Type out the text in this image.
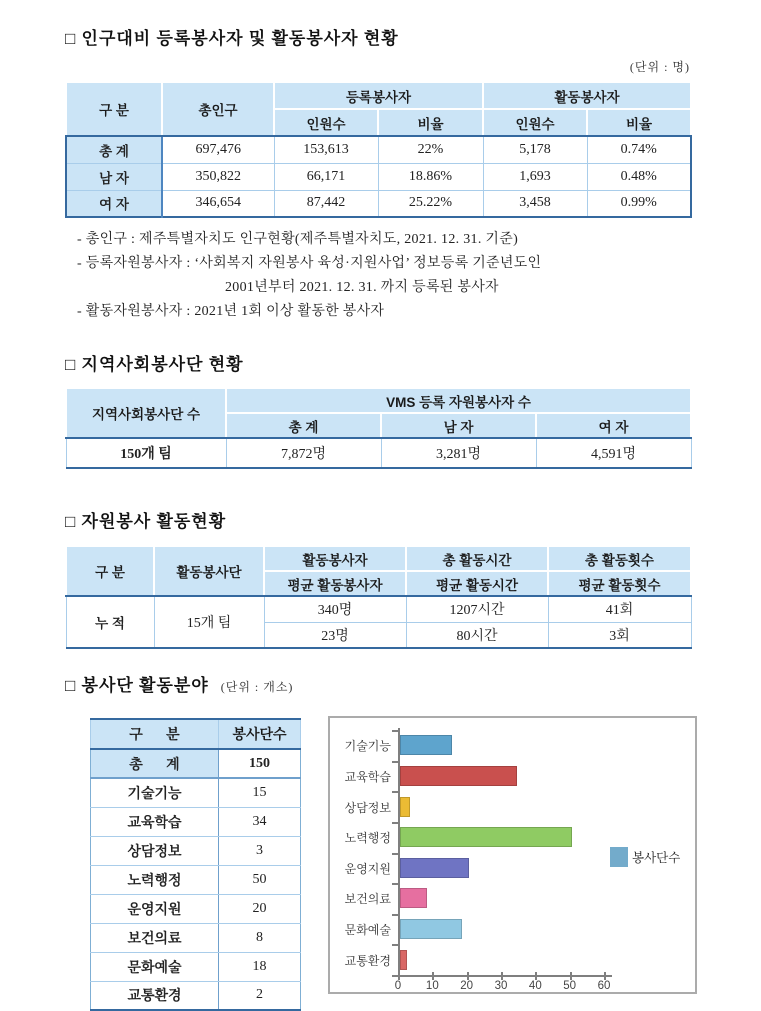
□ 인구대비 등록봉사자 및 활동봉사자 현황
(단위 : 명)
구 분	총인구	등록봉사자		활동봉사자	
		인원수	비율	인원수	비율
총 계	697,476	153,613	22%	5,178	0.74%
남 자	350,822	66,171	18.86%	1,693	0.48%
여 자	346,654	87,442	25.22%	3,458	0.99%
- 총인구 : 제주특별자치도 인구현황(제주특별자치도, 2021. 12. 31. 기준)
- 등록자원봉사자 : ‘사회복지 자원봉사 육성·지원사업’ 정보등록 기준년도인
2001년부터 2021. 12. 31. 까지 등록된 봉사자
- 활동자원봉사자 : 2021년 1회 이상 활동한 봉사자
□ 지역사회봉사단 현황
지역사회봉사단 수	VMS 등록 자원봉사자 수		
	총 계	남 자	여 자
150개 팀	7,872명	3,281명	4,591명
□ 자원봉사 활동현황
구 분	활동봉사단	활동봉사자	총 활동시간	총 활동횟수
		평균 활동봉사자	평균 활동시간	평균 활동횟수
누 적	15개 팀	340명	1207시간	41회
		23명	80시간	3회
□ 봉사단 활동분야 (단위 : 개소)
구      분	봉사단수
총      계	150
기술기능	15
교육학습	34
상담정보	3
노력행정	50
운영지원	20
보건의료	8
문화예술	18
교통환경	2
기술기능
교육학습
상담정보
노력행정
운영지원
보건의료
문화예술
교통환경
0 10 20 30 40 50 60
봉사단수
